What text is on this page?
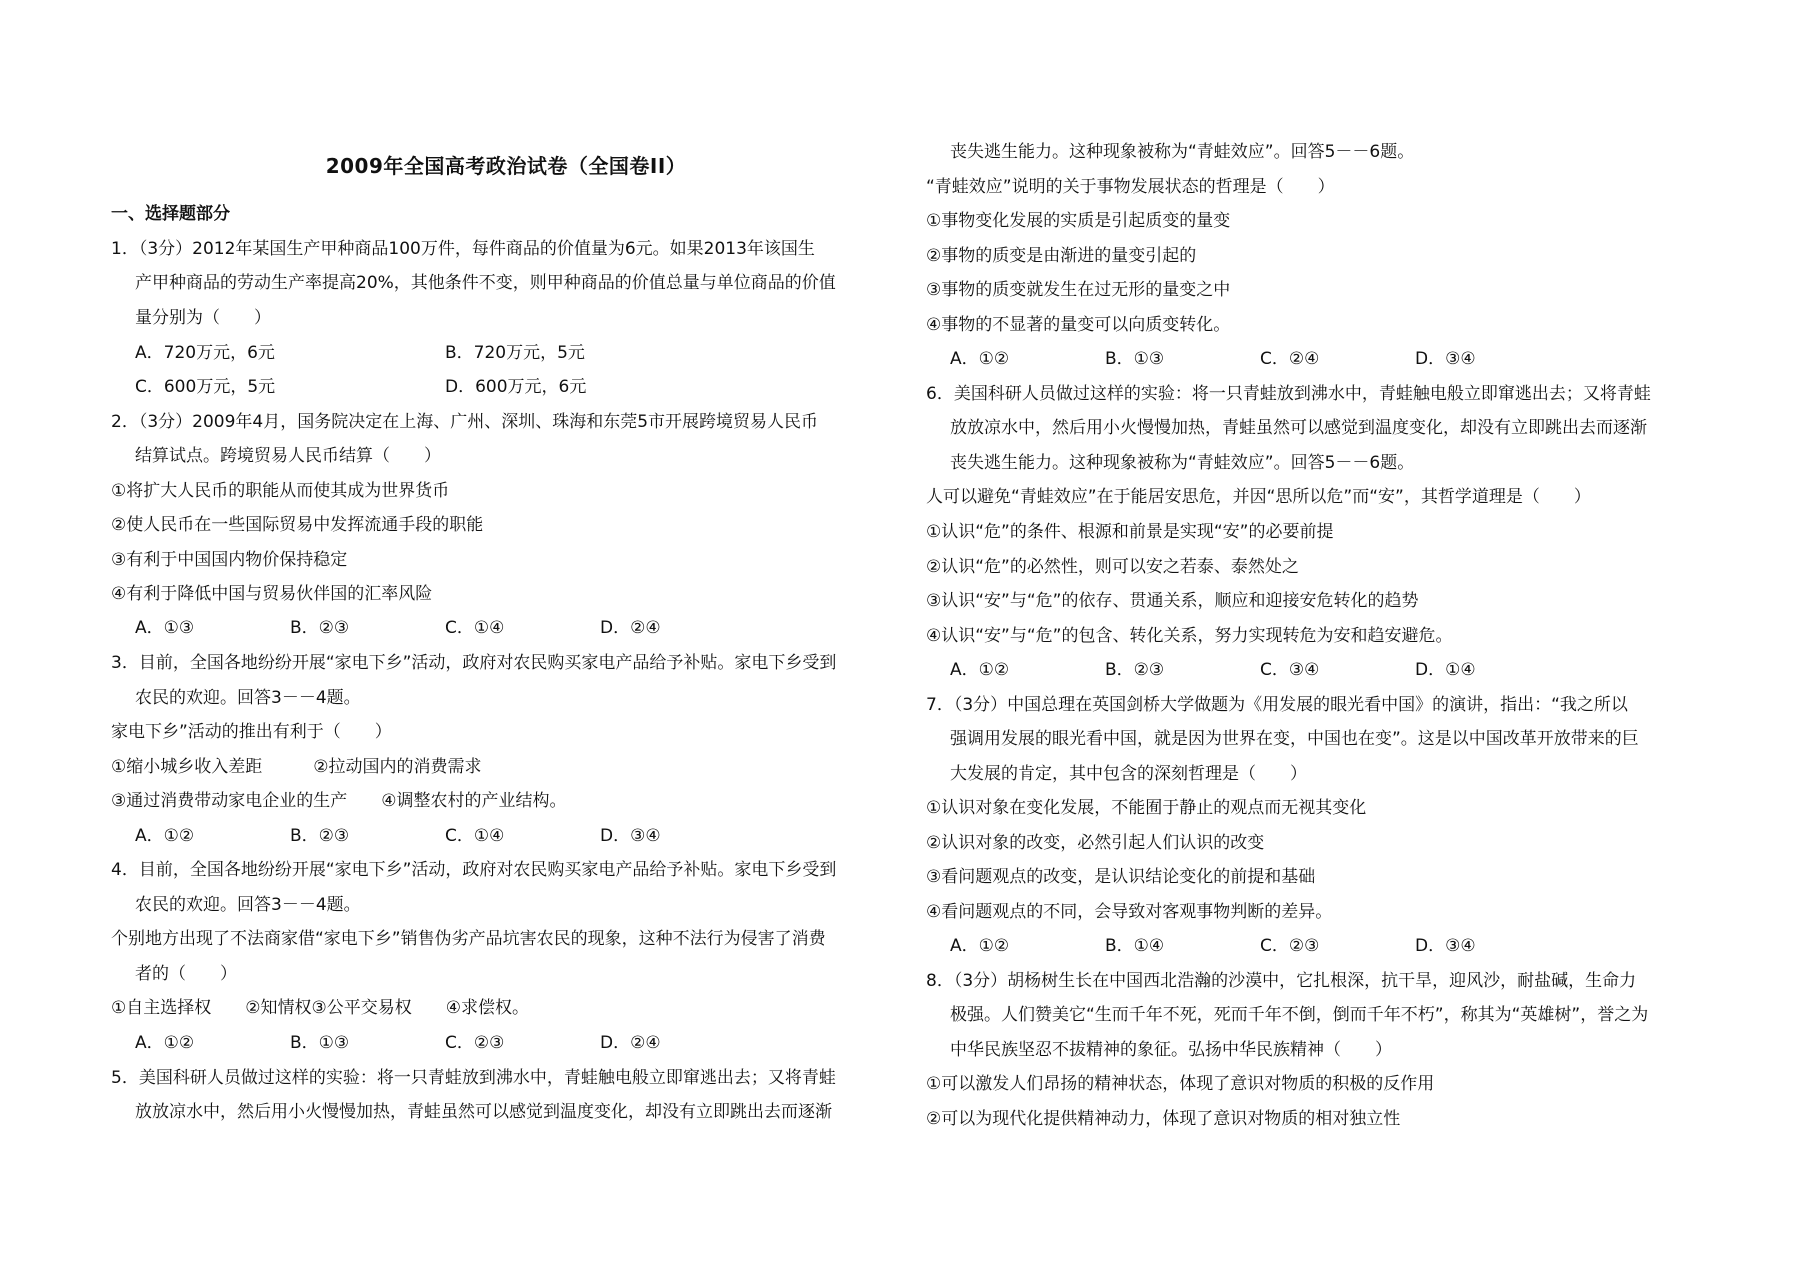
2009年全国高考政治试卷（全国卷II）
一、选择题部分
1．（3分）2012年某国生产甲种商品100万件，每件商品的价值量为6元。如果2013年该国生
产甲种商品的劳动生产率提高20%，其他条件不变，则甲种商品的价值总量与单位商品的价值
量分别为（　　）
A．720万元，6元	B．720万元，5元
C．600万元，5元	D．600万元，6元
2．（3分）2009年4月，国务院决定在上海、广州、深圳、珠海和东莞5市开展跨境贸易人民币
结算试点。跨境贸易人民币结算（　　）
①将扩大人民币的职能从而使其成为世界货币
②使人民币在一些国际贸易中发挥流通手段的职能
③有利于中国国内物价保持稳定
④有利于降低中国与贸易伙伴国的汇率风险
A．①③	B．②③	C．①④	D．②④
3．目前，全国各地纷纷开展“家电下乡”活动，政府对农民购买家电产品给予补贴。家电下乡受到
农民的欢迎。回答3－－4题。
家电下乡”活动的推出有利于（　　）
①缩小城乡收入差距　　　②拉动国内的消费需求
③通过消费带动家电企业的生产　　④调整农村的产业结构。
A．①②	B．②③	C．①④	D．③④
4．目前，全国各地纷纷开展“家电下乡”活动，政府对农民购买家电产品给予补贴。家电下乡受到
农民的欢迎。回答3－－4题。
个别地方出现了不法商家借“家电下乡”销售伪劣产品坑害农民的现象，这种不法行为侵害了消费
者的（　　）
①自主选择权　　②知情权③公平交易权　　④求偿权。
A．①②	B．①③	C．②③	D．②④
5．美国科研人员做过这样的实验：将一只青蛙放到沸水中，青蛙触电般立即窜逃出去；又将青蛙
放放凉水中，然后用小火慢慢加热，青蛙虽然可以感觉到温度变化，却没有立即跳出去而逐渐
丧失逃生能力。这种现象被称为“青蛙效应”。回答5－－6题。
“青蛙效应”说明的关于事物发展状态的哲理是（　　）
①事物变化发展的实质是引起质变的量变
②事物的质变是由渐进的量变引起的
③事物的质变就发生在过无形的量变之中
④事物的不显著的量变可以向质变转化。
A．①②	B．①③	C．②④	D．③④
6．美国科研人员做过这样的实验：将一只青蛙放到沸水中，青蛙触电般立即窜逃出去；又将青蛙
放放凉水中，然后用小火慢慢加热，青蛙虽然可以感觉到温度变化，却没有立即跳出去而逐渐
丧失逃生能力。这种现象被称为“青蛙效应”。回答5－－6题。
人可以避免“青蛙效应”在于能居安思危，并因“思所以危”而“安”，其哲学道理是（　　）
①认识“危”的条件、根源和前景是实现“安”的必要前提
②认识“危”的必然性，则可以安之若泰、泰然处之
③认识“安”与“危”的依存、贯通关系，顺应和迎接安危转化的趋势
④认识“安”与“危”的包含、转化关系，努力实现转危为安和趋安避危。
A．①②	B．②③	C．③④	D．①④
7．（3分）中国总理在英国剑桥大学做题为《用发展的眼光看中国》的演讲，指出：“我之所以
强调用发展的眼光看中国，就是因为世界在变，中国也在变”。这是以中国改革开放带来的巨
大发展的肯定，其中包含的深刻哲理是（　　）
①认识对象在变化发展，不能囿于静止的观点而无视其变化
②认识对象的改变，必然引起人们认识的改变
③看问题观点的改变，是认识结论变化的前提和基础
④看问题观点的不同，会导致对客观事物判断的差异。
A．①②	B．①④	C．②③	D．③④
8．（3分）胡杨树生长在中国西北浩瀚的沙漠中，它扎根深，抗干旱，迎风沙，耐盐碱，生命力
极强。人们赞美它“生而千年不死，死而千年不倒，倒而千年不朽”，称其为“英雄树”，誉之为
中华民族坚忍不拔精神的象征。弘扬中华民族精神（　　）
①可以激发人们昂扬的精神状态，体现了意识对物质的积极的反作用
②可以为现代化提供精神动力，体现了意识对物质的相对独立性
